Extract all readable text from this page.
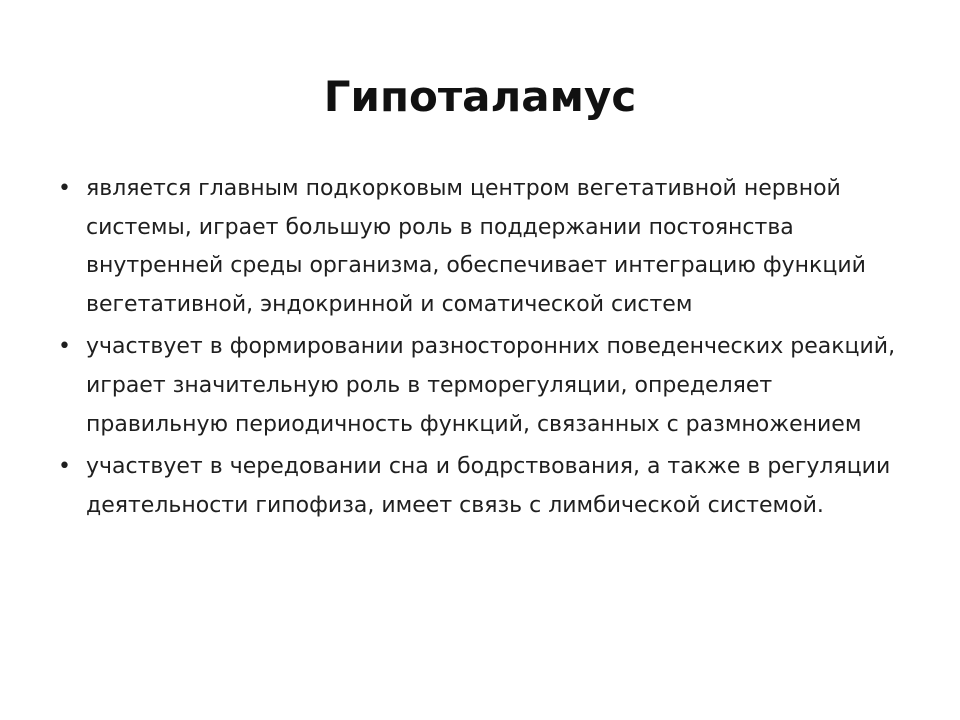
Гипоталамус
• является главным подкорковым центром вегетативной нервной системы, играет большую роль в поддержании постоянства внутренней среды организма, обеспечивает интеграцию функций вегетативной, эндокринной и соматической систем
• участвует в формировании разносторонних поведенческих реакций, играет значительную роль в терморегуляции, определяет правильную периодичность функций, связанных с размножением
• участвует в чередовании сна и бодрствования, а также в регуляции деятельности гипофиза, имеет связь с лимбической системой.
